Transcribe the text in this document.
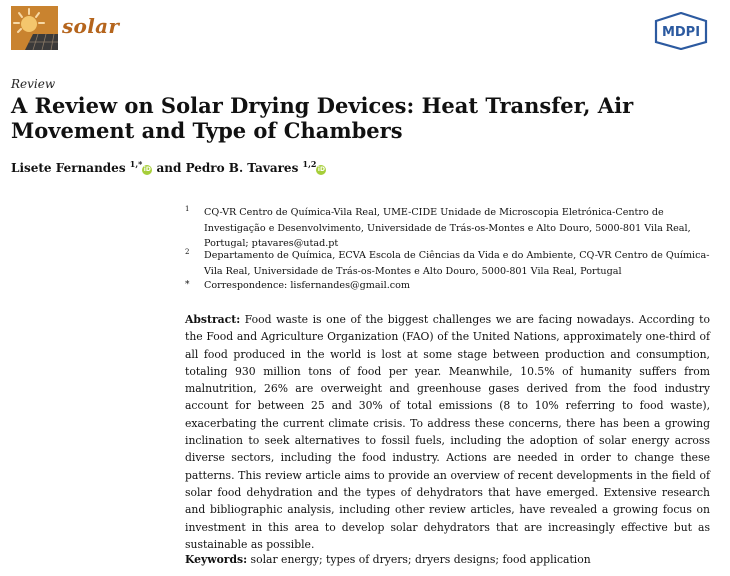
solar	MDPI
Review
A Review on Solar Drying Devices: Heat Transfer, Air Movement and Type of Chambers
Lisete Fernandes $^{1,*}$iD and Pedro B. Tavares $^{1,2}$iD
1 CQ-VR Centro de Química-Vila Real, UME-CIDE Unidade de Microscopia Eletrónica-Centro de Investigação e Desenvolvimento, Universidade de Trás-os-Montes e Alto Douro, 5000-801 Vila Real, Portugal; ptavares@utad.pt
2 Departamento de Química, ECVA Escola de Ciências da Vida e do Ambiente, CQ-VR Centro de Química-Vila Real, Universidade de Trás-os-Montes e Alto Douro, 5000-801 Vila Real, Portugal
* Correspondence: lisfernandes@gmail.com

Abstract: Food waste is one of the biggest challenges we are facing nowadays. According to the Food and Agriculture Organization (FAO) of the United Nations, approximately one-third of all food produced in the world is lost at some stage between production and consumption, totaling 930 million tons of food per year. Meanwhile, 10.5% of humanity suffers from malnutrition, 26% are overweight and greenhouse gases derived from the food industry account for between 25 and 30% of total emissions (8 to 10% referring to food waste), exacerbating the current climate crisis. To address these concerns, there has been a growing inclination to seek alternatives to fossil fuels, including the adoption of solar energy across diverse sectors, including the food industry. Actions are needed in order to change these patterns. This review article aims to provide an overview of recent developments in the field of solar food dehydration and the types of dehydrators that have emerged. Extensive research and bibliographic analysis, including other review articles, have revealed a growing focus on investment in this area to develop solar dehydrators that are increasingly effective but as sustainable as possible.

Keywords: solar energy; types of dryers; dryers designs; food application
